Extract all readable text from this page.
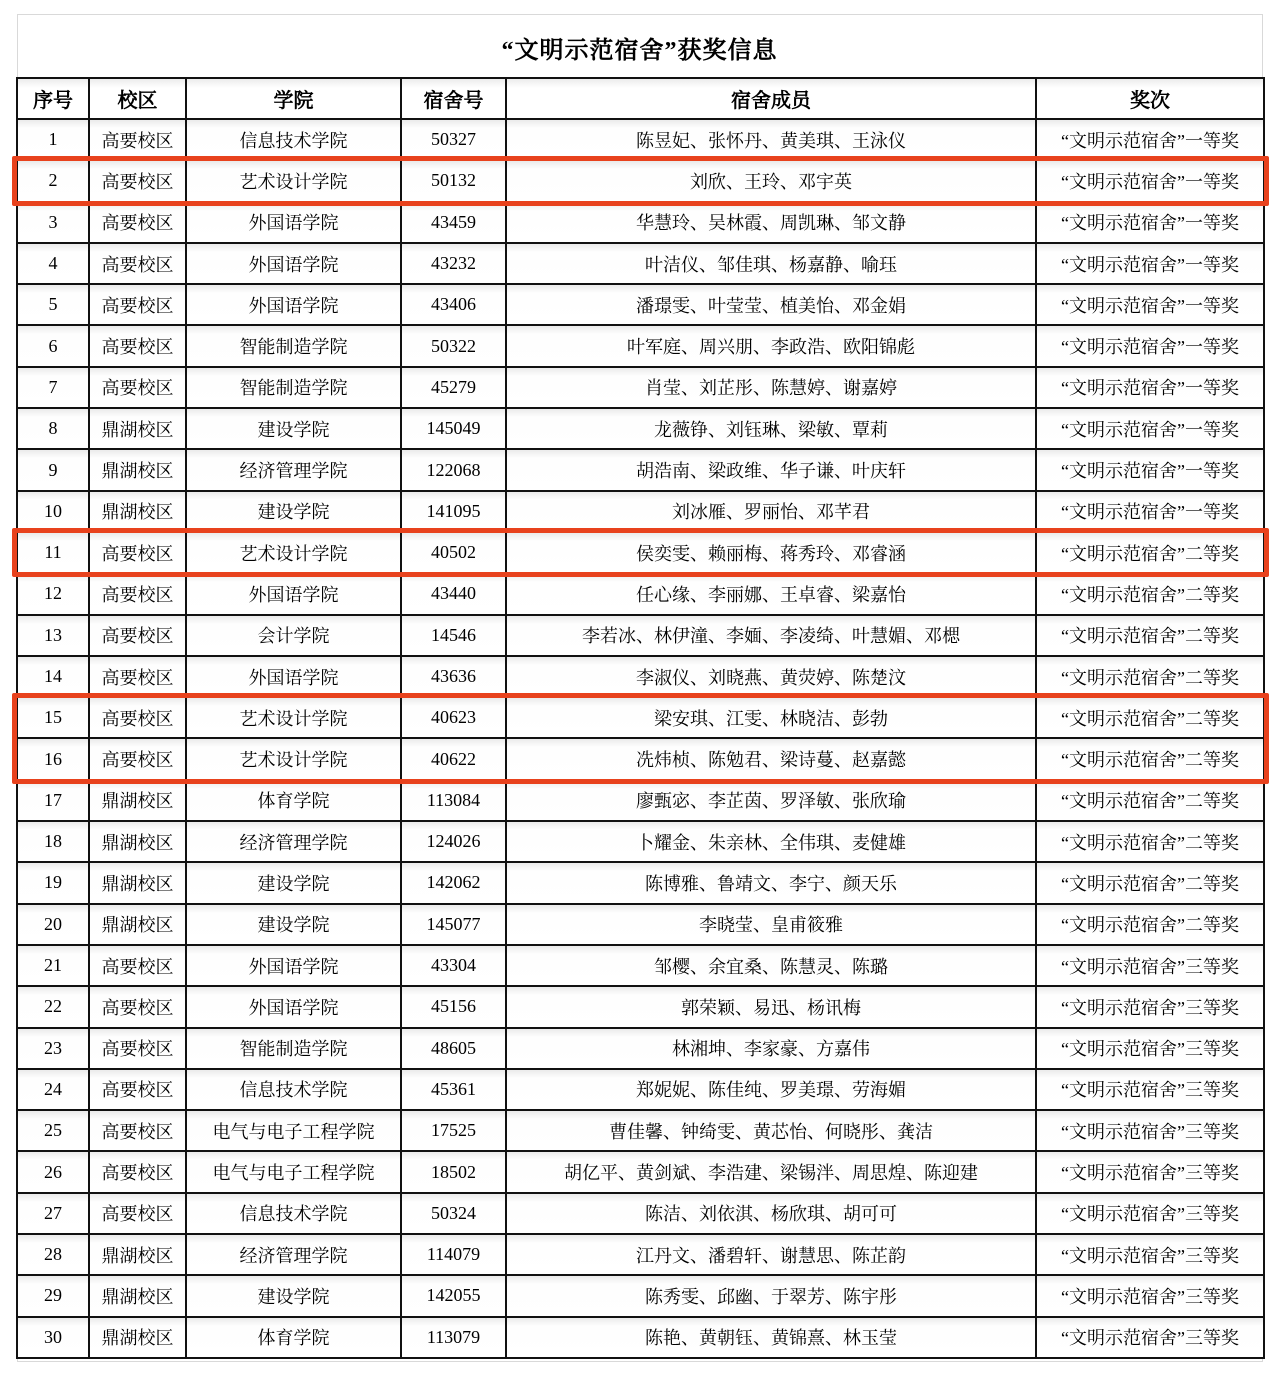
“文明示范宿舍”获奖信息
序号	校区	学院	宿舍号	宿舍成员	奖次
1	高要校区	信息技术学院	50327	陈昱妃、张怀丹、黄美琪、王泳仪	“文明示范宿舍”一等奖
2	高要校区	艺术设计学院	50132	刘欣、王玲、邓宇英	“文明示范宿舍”一等奖
3	高要校区	外国语学院	43459	华慧玲、吴林霞、周凯琳、邹文静	“文明示范宿舍”一等奖
4	高要校区	外国语学院	43232	叶洁仪、邹佳琪、杨嘉静、喻珏	“文明示范宿舍”一等奖
5	高要校区	外国语学院	43406	潘璟雯、叶莹莹、植美怡、邓金娟	“文明示范宿舍”一等奖
6	高要校区	智能制造学院	50322	叶军庭、周兴朋、李政浩、欧阳锦彪	“文明示范宿舍”一等奖
7	高要校区	智能制造学院	45279	肖莹、刘芷彤、陈慧婷、谢嘉婷	“文明示范宿舍”一等奖
8	鼎湖校区	建设学院	145049	龙薇铮、刘钰琳、梁敏、覃莉	“文明示范宿舍”一等奖
9	鼎湖校区	经济管理学院	122068	胡浩南、梁政维、华子谦、叶庆轩	“文明示范宿舍”一等奖
10	鼎湖校区	建设学院	141095	刘冰雁、罗丽怡、邓芊君	“文明示范宿舍”一等奖
11	高要校区	艺术设计学院	40502	侯奕雯、赖丽梅、蒋秀玲、邓睿涵	“文明示范宿舍”二等奖
12	高要校区	外国语学院	43440	任心缘、李丽娜、王卓睿、梁嘉怡	“文明示范宿舍”二等奖
13	高要校区	会计学院	14546	李若冰、林伊潼、李媔、李凌绮、叶慧媚、邓楒	“文明示范宿舍”二等奖
14	高要校区	外国语学院	43636	李淑仪、刘晓燕、黄荧婷、陈楚汶	“文明示范宿舍”二等奖
15	高要校区	艺术设计学院	40623	梁安琪、江雯、林晓洁、彭勃	“文明示范宿舍”二等奖
16	高要校区	艺术设计学院	40622	冼炜桢、陈勉君、梁诗蔓、赵嘉懿	“文明示范宿舍”二等奖
17	鼎湖校区	体育学院	113084	廖甄宓、李芷茵、罗泽敏、张欣瑜	“文明示范宿舍”二等奖
18	鼎湖校区	经济管理学院	124026	卜耀金、朱亲林、全伟琪、麦健雄	“文明示范宿舍”二等奖
19	鼎湖校区	建设学院	142062	陈博雅、鲁靖文、李宁、颜天乐	“文明示范宿舍”二等奖
20	鼎湖校区	建设学院	145077	李晓莹、皇甫筱雅	“文明示范宿舍”二等奖
21	高要校区	外国语学院	43304	邹樱、余宜桑、陈慧灵、陈璐	“文明示范宿舍”三等奖
22	高要校区	外国语学院	45156	郭荣颖、易迅、杨讯梅	“文明示范宿舍”三等奖
23	高要校区	智能制造学院	48605	林湘坤、李家豪、方嘉伟	“文明示范宿舍”三等奖
24	高要校区	信息技术学院	45361	郑妮妮、陈佳纯、罗美璟、劳海媚	“文明示范宿舍”三等奖
25	高要校区	电气与电子工程学院	17525	曹佳馨、钟绮雯、黄芯怡、何晓彤、龚洁	“文明示范宿舍”三等奖
26	高要校区	电气与电子工程学院	18502	胡亿平、黄剑斌、李浩建、梁锡泮、周思煌、陈迎建	“文明示范宿舍”三等奖
27	高要校区	信息技术学院	50324	陈洁、刘依淇、杨欣琪、胡可可	“文明示范宿舍”三等奖
28	鼎湖校区	经济管理学院	114079	江丹文、潘碧轩、谢慧思、陈芷韵	“文明示范宿舍”三等奖
29	鼎湖校区	建设学院	142055	陈秀雯、邱幽、于翠芳、陈宇彤	“文明示范宿舍”三等奖
30	鼎湖校区	体育学院	113079	陈艳、黄朝钰、黄锦熹、林玉莹	“文明示范宿舍”三等奖
